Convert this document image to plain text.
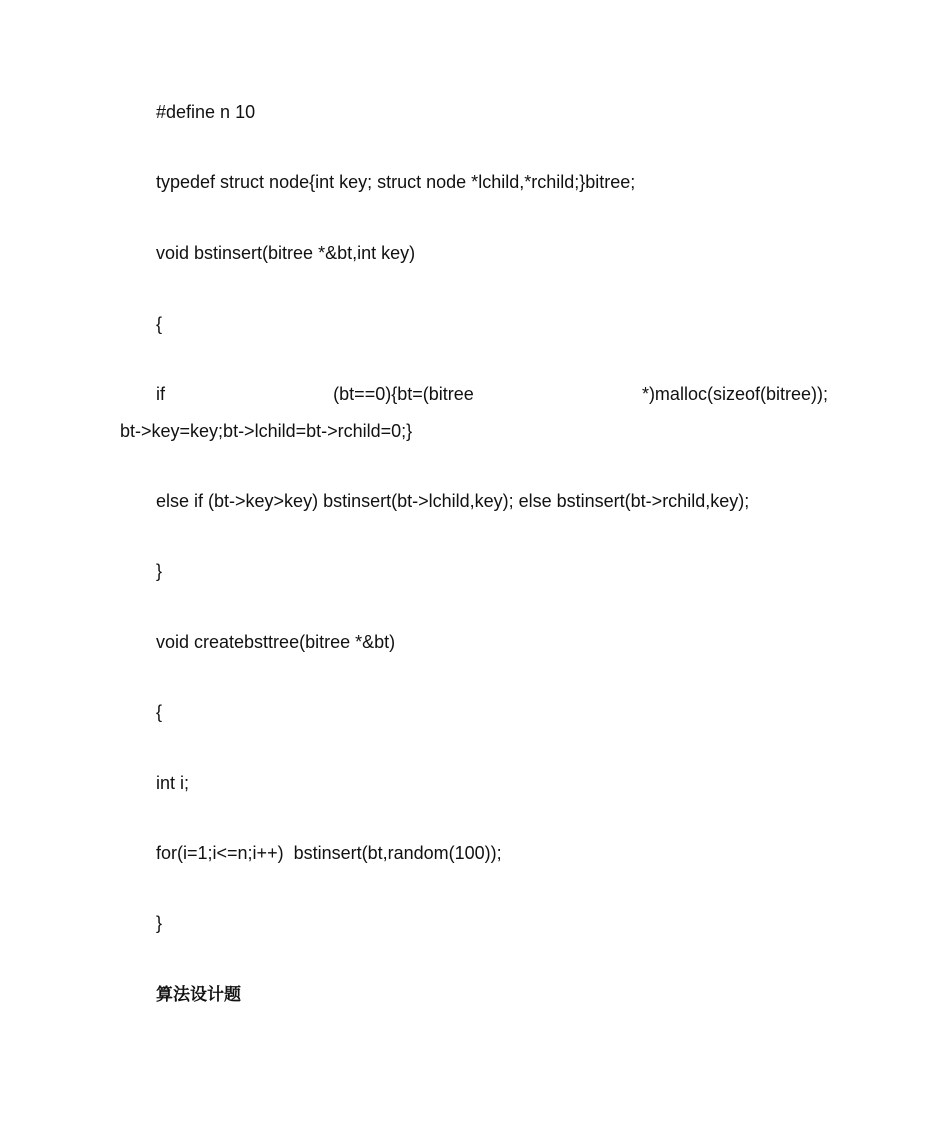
#define n 10
typedef struct node{int key; struct node *lchild,*rchild;}bitree;
void bstinsert(bitree *&bt,int key)
{
if	(bt==0){bt=(bitree	*)malloc(sizeof(bitree));
bt->key=key;bt->lchild=bt->rchild=0;}
else if (bt->key>key) bstinsert(bt->lchild,key); else bstinsert(bt->rchild,key);
}
void createbsttree(bitree *&bt)
{
int i;
for(i=1;i<=n;i++)  bstinsert(bt,random(100));
}
算法设计题
